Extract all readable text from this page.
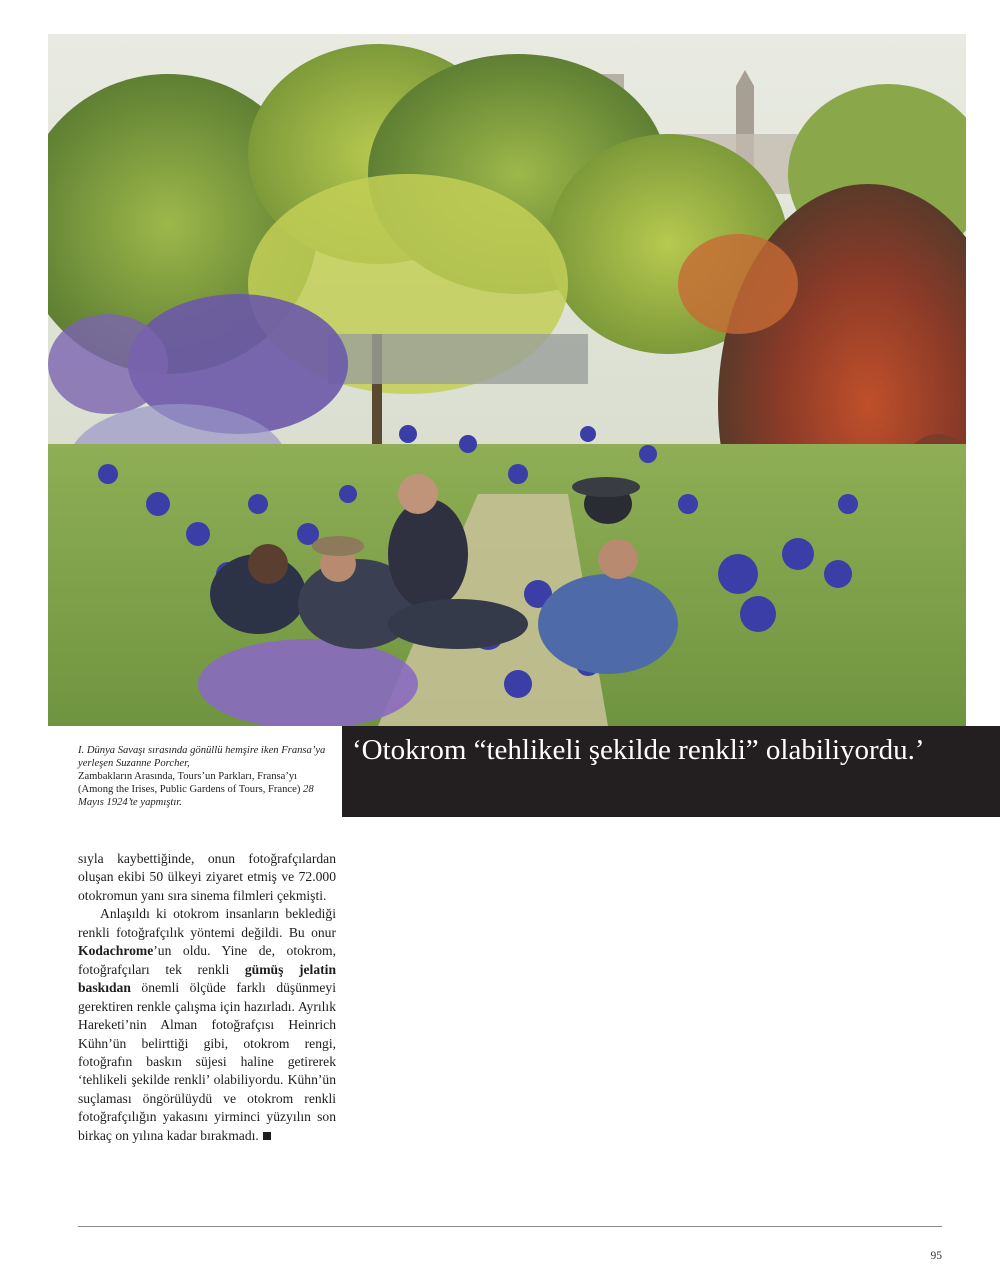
I. Dünya Savaşı sırasında gönüllü hemşire iken Fransa’ya yerleşen Suzanne Porcher,

Zambakların Arasında, Tours’un Parkları, Fransa’yı (Among the Irises, Public Gardens of Tours, France) 28 Mayıs 1924’te yapmıştır.

‘Otokrom “tehlikeli şekilde renkli” olabiliyordu.’

sıyla kaybettiğinde, onun fotoğrafçılardan oluşan ekibi 50 ülkeyi ziyaret etmiş ve 72.000 otokromun yanı sıra sinema filmleri çekmişti.

Anlaşıldı ki otokrom insanların beklediği renkli fotoğrafçılık yöntemi değildi. Bu onur Kodachrome’un oldu. Yine de, otokrom, fotoğrafçıları tek renkli gümüş jelatin baskıdan önemli ölçüde farklı düşünmeyi gerektiren renkle çalışma için hazırladı. Ayrılık Hareketi’nin Alman fotoğrafçısı Heinrich Kühn’ün belirttiği gibi, otokrom rengi, fotoğrafın baskın süjesi haline getirerek ‘tehlikeli şekilde renkli’ olabiliyordu. Kühn’ün suçlaması öngörülüydü ve otokrom renkli fotoğrafçılığın yakasını yirminci yüzyılın son birkaç on yılına kadar bırakmadı.

95
